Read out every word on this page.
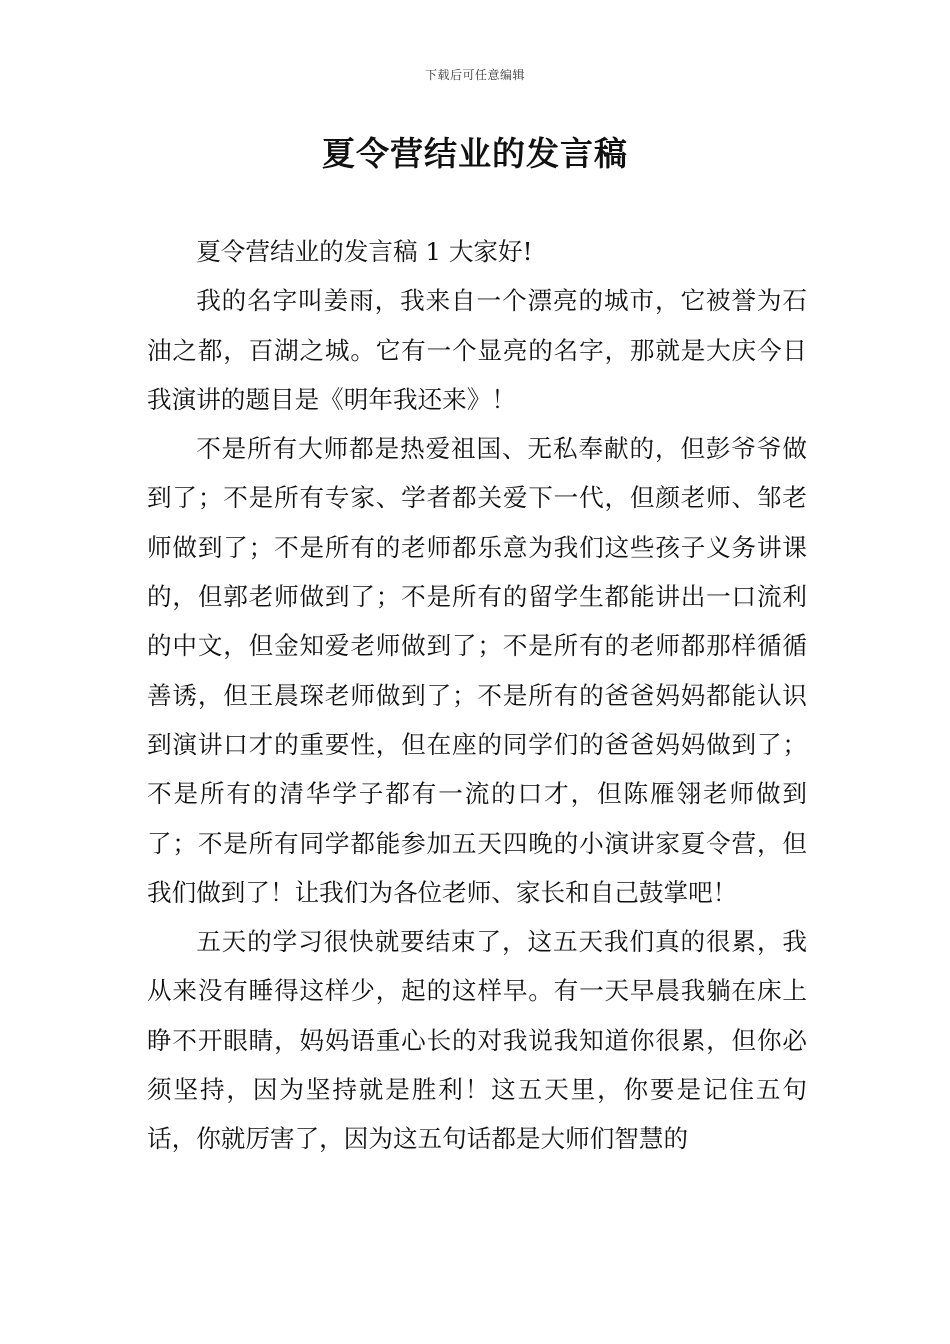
下载后可任意编辑
夏令营结业的发言稿

夏令营结业的发言稿 1 大家好!

我的名字叫姜雨，我来自一个漂亮的城市，它被誉为石油之都，百湖之城。它有一个显亮的名字，那就是大庆今日我演讲的题目是《明年我还来》！

不是所有大师都是热爱祖国、无私奉献的，但彭爷爷做到了；不是所有专家、学者都关爱下一代，但颜老师、邹老师做到了；不是所有的老师都乐意为我们这些孩子义务讲课的，但郭老师做到了；不是所有的留学生都能讲出一口流利的中文，但金知爱老师做到了；不是所有的老师都那样循循善诱，但王晨琛老师做到了；不是所有的爸爸妈妈都能认识到演讲口才的重要性，但在座的同学们的爸爸妈妈做到了；不是所有的清华学子都有一流的口才，但陈雁翎老师做到了；不是所有同学都能参加五天四晚的小演讲家夏令营，但我们做到了！让我们为各位老师、家长和自己鼓掌吧！

五天的学习很快就要结束了，这五天我们真的很累，我从来没有睡得这样少，起的这样早。有一天早晨我躺在床上睁不开眼睛，妈妈语重心长的对我说我知道你很累，但你必须坚持，因为坚持就是胜利！这五天里，你要是记住五句话，你就厉害了，因为这五句话都是大师们智慧的
